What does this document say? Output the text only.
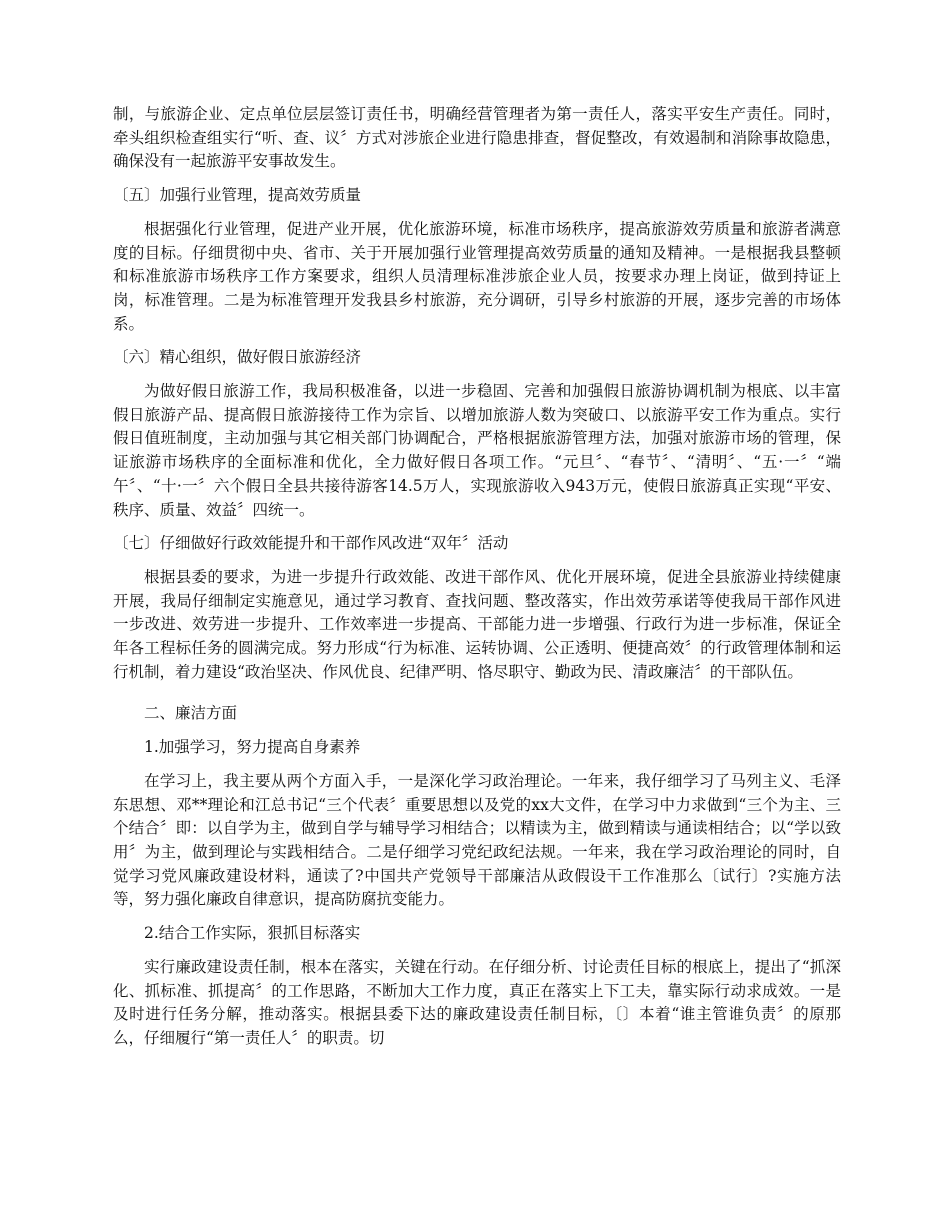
制，与旅游企业、定点单位层层签订责任书，明确经营管理者为第一责任人，落实平安生产责任。同时，牵头组织检查组实行“听、查、议〞方式对涉旅企业进行隐患排查，督促整改，有效遏制和消除事故隐患，确保没有一起旅游平安事故发生。

〔五〕加强行业管理，提高效劳质量

根据强化行业管理，促进产业开展，优化旅游环境，标准市场秩序，提高旅游效劳质量和旅游者满意度的目标。仔细贯彻中央、省市、关于开展加强行业管理提高效劳质量的通知及精神。一是根据我县整顿和标准旅游市场秩序工作方案要求，组织人员清理标准涉旅企业人员，按要求办理上岗证，做到持证上岗，标准管理。二是为标准管理开发我县乡村旅游，充分调研，引导乡村旅游的开展，逐步完善的市场体系。

〔六〕精心组织，做好假日旅游经济

为做好假日旅游工作，我局积极准备，以进一步稳固、完善和加强假日旅游协调机制为根底、以丰富假日旅游产品、提高假日旅游接待工作为宗旨、以增加旅游人数为突破口、以旅游平安工作为重点。实行假日值班制度，主动加强与其它相关部门协调配合，严格根据旅游管理方法，加强对旅游市场的管理，保证旅游市场秩序的全面标准和优化，全力做好假日各项工作。“元旦〞、“春节〞、“清明〞、“五·一〞“端午〞、“十·一〞六个假日全县共接待游客14.5万人，实现旅游收入943万元，使假日旅游真正实现“平安、秩序、质量、效益〞四统一。

〔七〕仔细做好行政效能提升和干部作风改进“双年〞活动

根据县委的要求，为进一步提升行政效能、改进干部作风、优化开展环境，促进全县旅游业持续健康开展，我局仔细制定实施意见，通过学习教育、查找问题、整改落实，作出效劳承诺等使我局干部作风进一步改进、效劳进一步提升、工作效率进一步提高、干部能力进一步增强、行政行为进一步标准，保证全年各工程标任务的圆满完成。努力形成“行为标准、运转协调、公正透明、便捷高效〞的行政管理体制和运行机制，着力建设“政治坚决、作风优良、纪律严明、恪尽职守、勤政为民、清政廉洁〞的干部队伍。

二、廉洁方面

1.加强学习，努力提高自身素养

在学习上，我主要从两个方面入手，一是深化学习政治理论。一年来，我仔细学习了马列主义、毛泽东思想、邓**理论和江总书记“三个代表〞重要思想以及党的xx大文件，在学习中力求做到“三个为主、三个结合〞即：以自学为主，做到自学与辅导学习相结合；以精读为主，做到精读与通读相结合；以“学以致用〞为主，做到理论与实践相结合。二是仔细学习党纪政纪法规。一年来，我在学习政治理论的同时，自觉学习党风廉政建设材料，通读了?中国共产党领导干部廉洁从政假设干工作准那么〔试行〕?实施方法等，努力强化廉政自律意识，提高防腐抗变能力。

2.结合工作实际，狠抓目标落实

实行廉政建设责任制，根本在落实，关键在行动。在仔细分析、讨论责任目标的根底上，提出了“抓深化、抓标准、抓提高〞的工作思路，不断加大工作力度，真正在落实上下工夫，靠实际行动求成效。一是及时进行任务分解，推动落实。根据县委下达的廉政建设责任制目标，〔〕本着“谁主管谁负责〞的原那么，仔细履行“第一责任人〞的职责。切
